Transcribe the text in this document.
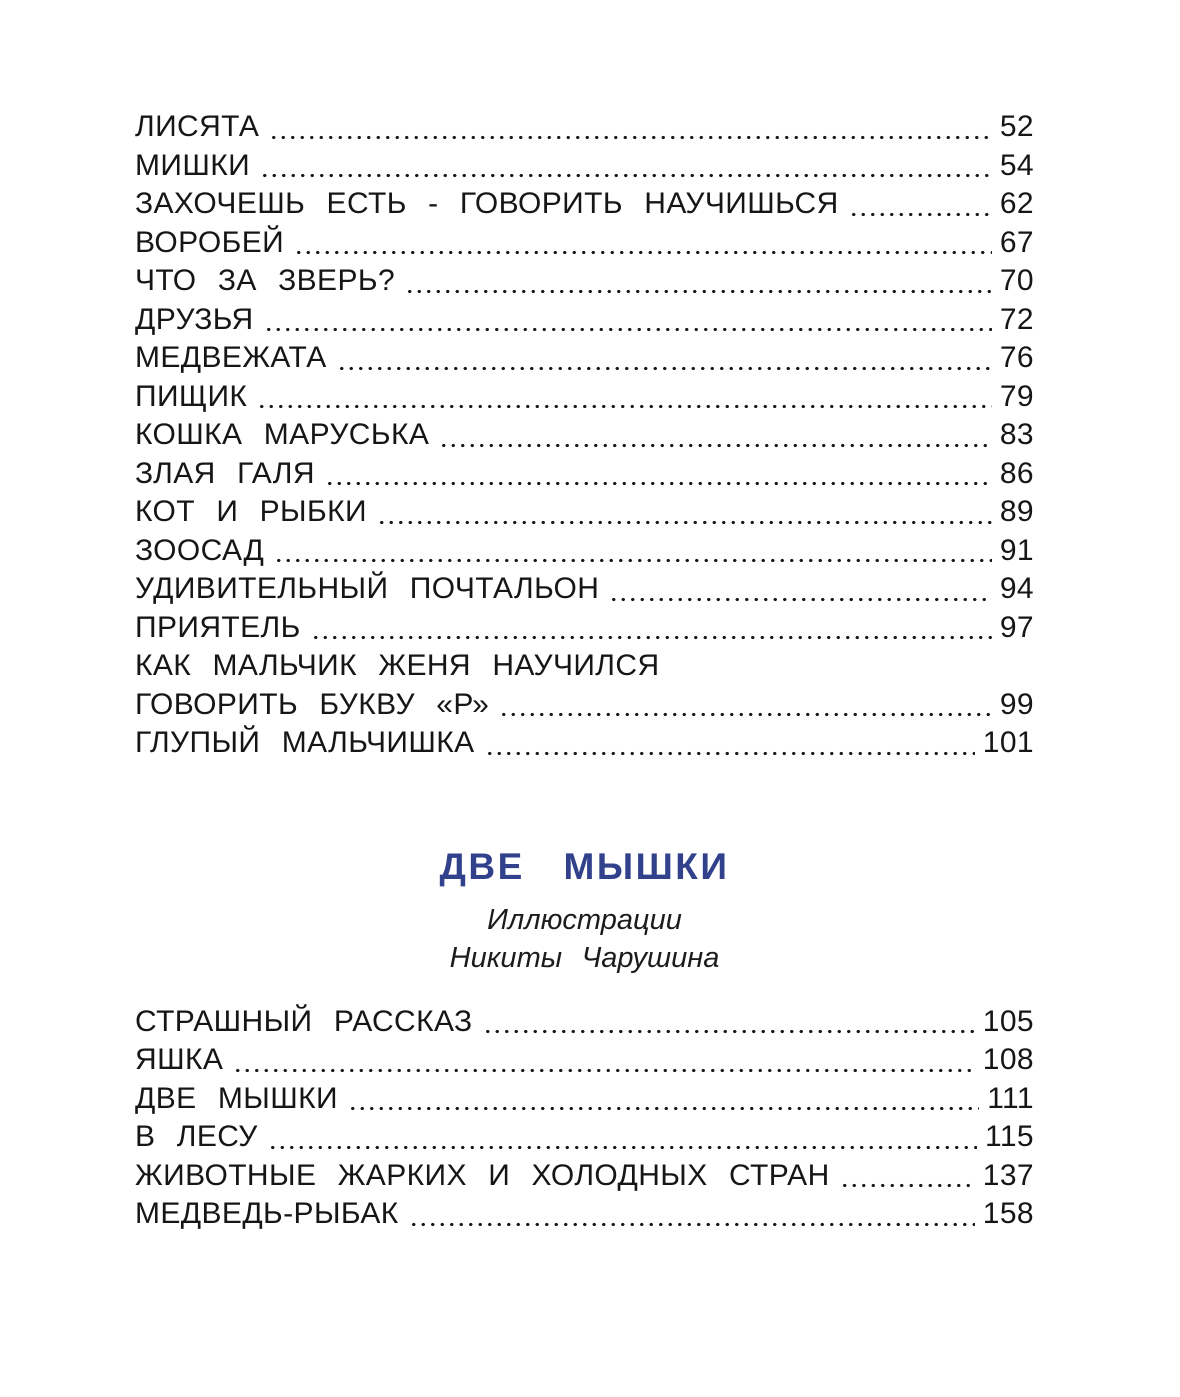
ЛИСЯТА	52
МИШКИ	54
ЗАХОЧЕШЬ ЕСТЬ - ГОВОРИТЬ НАУЧИШЬСЯ	62
ВОРОБЕЙ	67
ЧТО ЗА ЗВЕРЬ?	70
ДРУЗЬЯ	72
МЕДВЕЖАТА	76
ПИЩИК	79
КОШКА МАРУСЬКА	83
ЗЛАЯ ГАЛЯ	86
КОТ И РЫБКИ	89
ЗООСАД	91
УДИВИТЕЛЬНЫЙ ПОЧТАЛЬОН	94
ПРИЯТЕЛЬ	97
КАК МАЛЬЧИК ЖЕНЯ НАУЧИЛСЯ
ГОВОРИТЬ БУКВУ «Р»	99
ГЛУПЫЙ МАЛЬЧИШКА	101
ДВЕ МЫШКИ
Иллюстрации
Никиты Чарушина
СТРАШНЫЙ РАССКАЗ	105
ЯШКА	108
ДВЕ МЫШКИ	111
В ЛЕСУ	115
ЖИВОТНЫЕ ЖАРКИХ И ХОЛОДНЫХ СТРАН	137
МЕДВЕДЬ-РЫБАК	158
